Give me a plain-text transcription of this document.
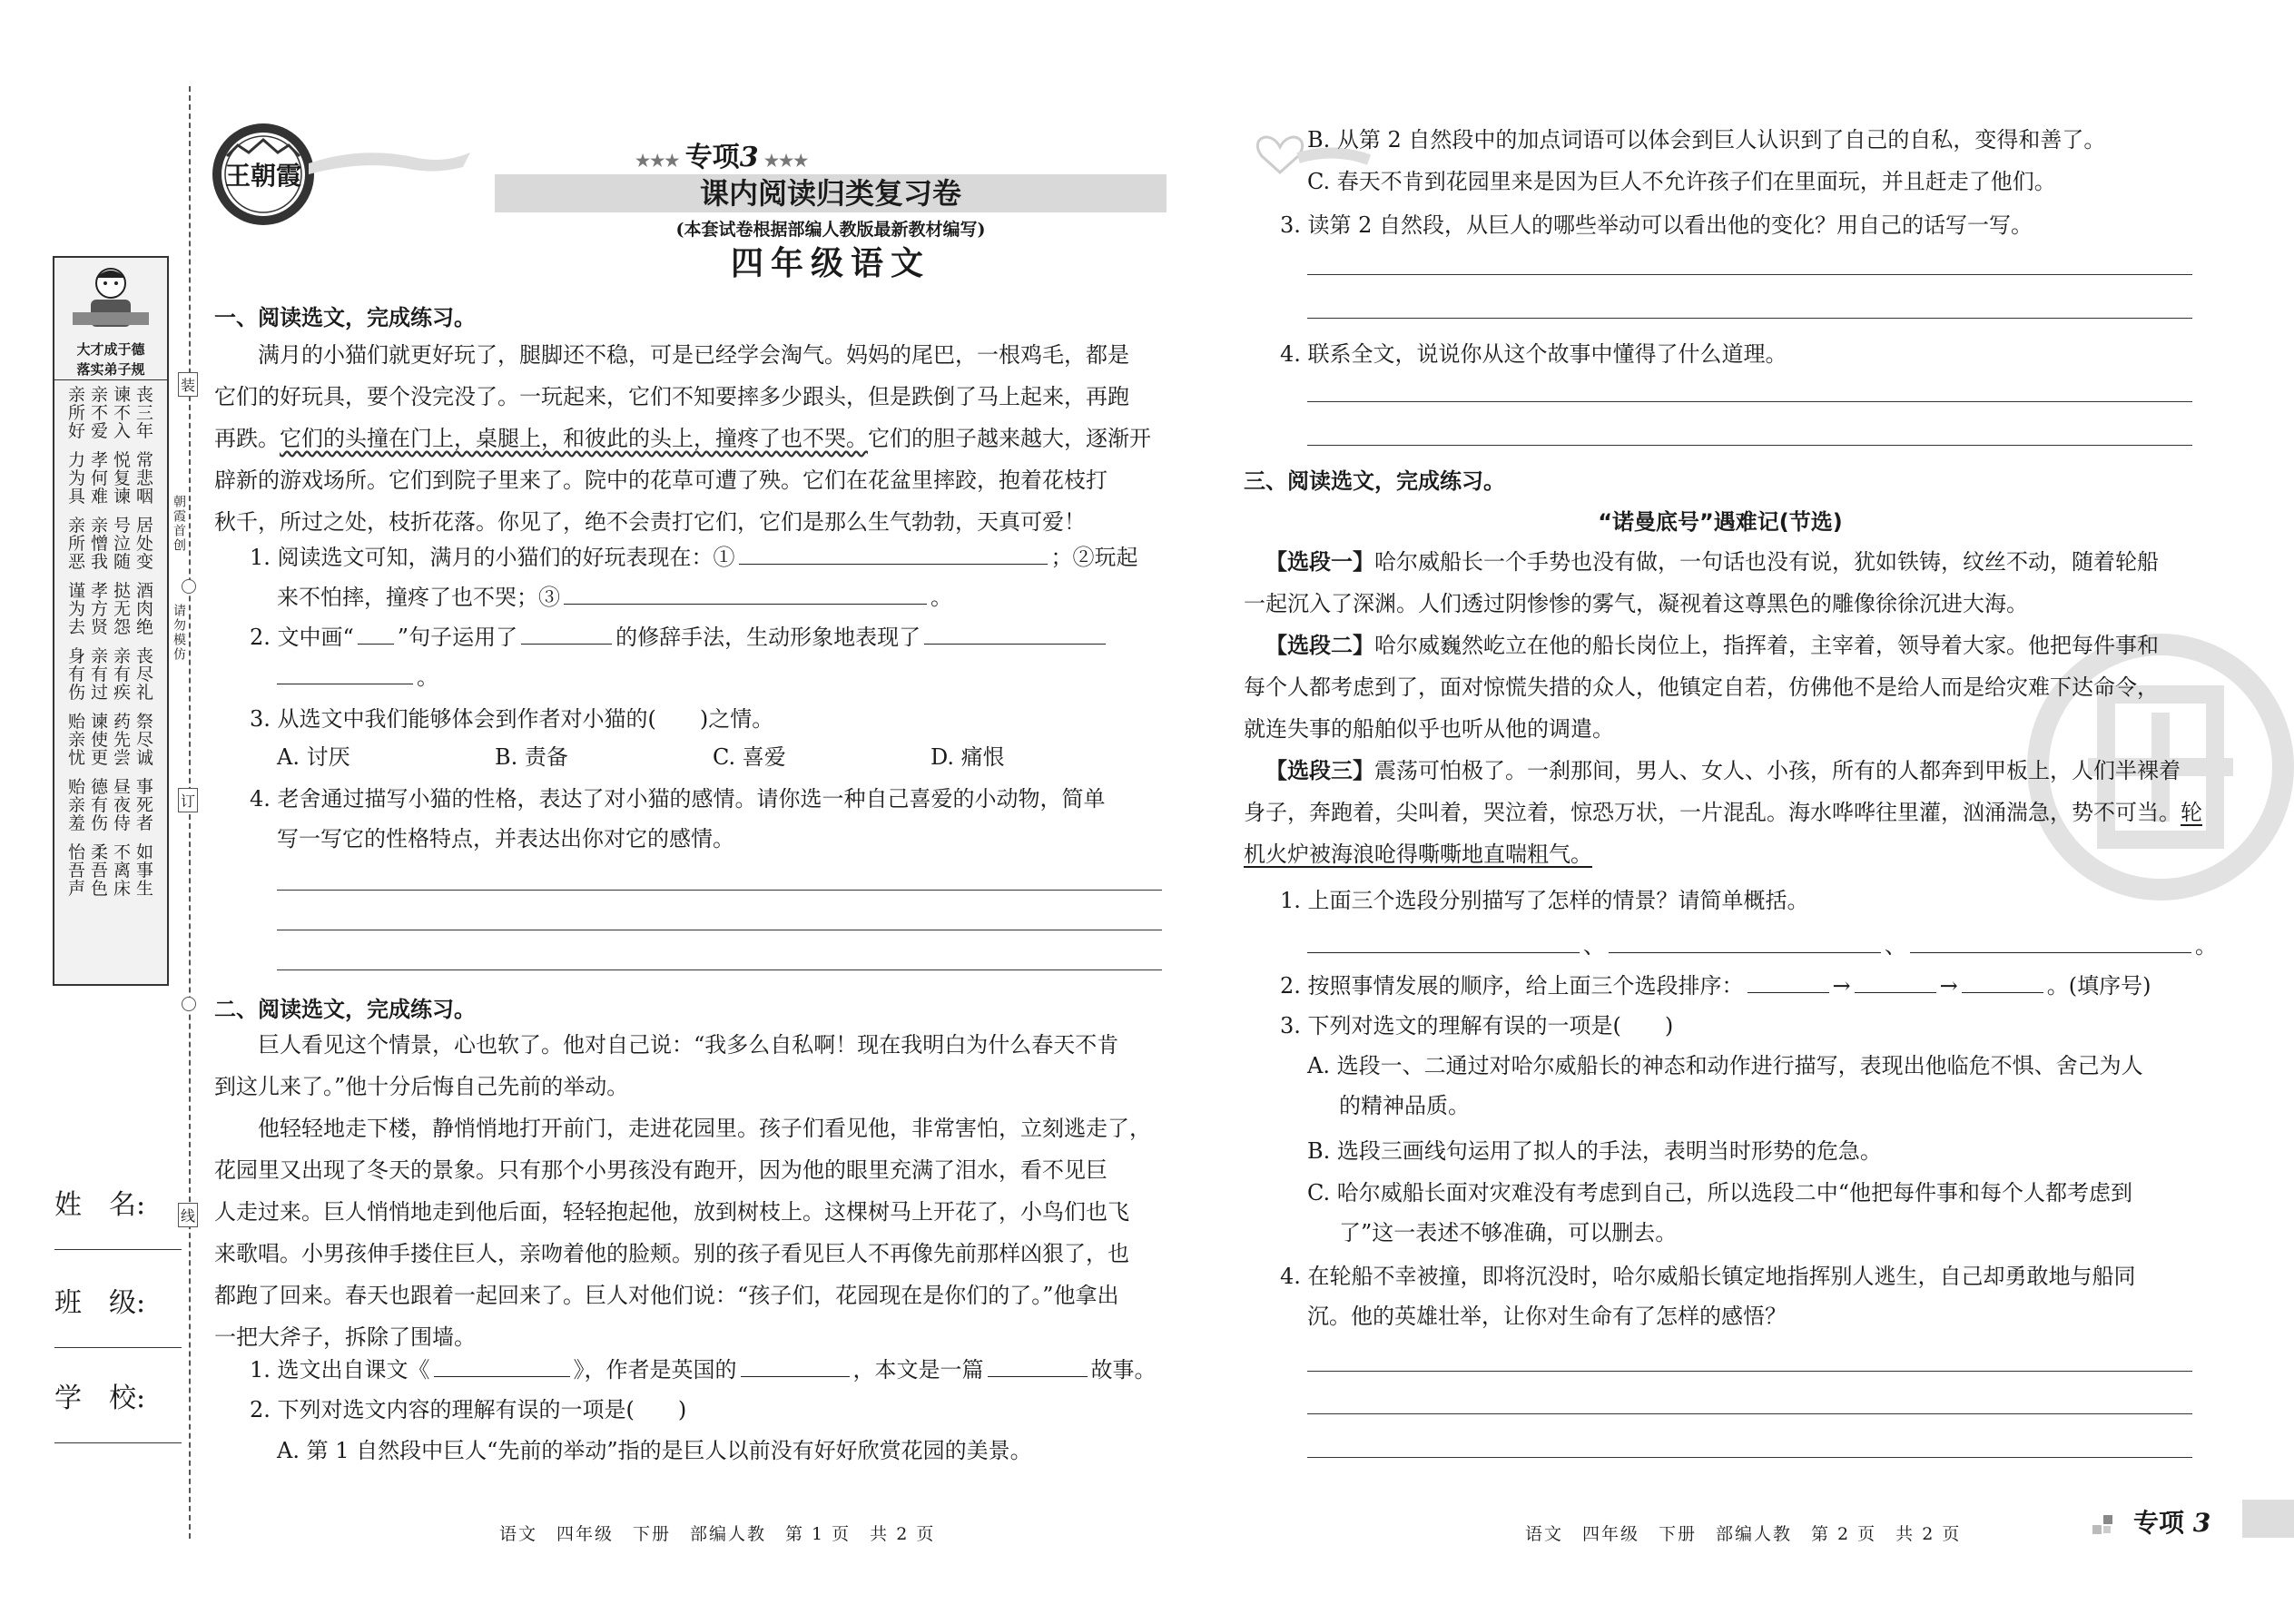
大才成于德
落实弟子规
丧
三
年
谏
不
入
亲
不
爱
亲
所
好
常
悲
咽
悦
复
谏
孝
何
难
力
为
具
居
处
变
号
泣
随
亲
憎
我
亲
所
恶
酒
肉
绝
挞
无
怨
孝
方
贤
谨
为
去
丧
尽
礼
亲
有
疾
亲
有
过
身
有
伤
祭
尽
诚
药
先
尝
谏
使
更
贻
亲
忧
事
死
者
昼
夜
侍
德
有
伤
贻
亲
羞
如
事
生
不
离
床
柔
吾
色
怡
吾
声
朝霞首创
请勿模仿
装
订
线
姓　名:
班　级:
学　校:
王朝霞	★★★ 专项3 ★★★
课内阅读归类复习卷
(本套试卷根据部编人教版最新教材编写)
四年级语文
一、阅读选文，完成练习。
满月的小猫们就更好玩了，腿脚还不稳，可是已经学会淘气。妈妈的尾巴，一根鸡毛，都是
它们的好玩具，要个没完没了。一玩起来，它们不知要摔多少跟头，但是跌倒了马上起来，再跑
再跌。它们的头撞在门上，桌腿上，和彼此的头上，撞疼了也不哭。它们的胆子越来越大，逐渐开
辟新的游戏场所。它们到院子里来了。院中的花草可遭了殃。它们在花盆里摔跤，抱着花枝打
秋千，所过之处，枝折花落。你见了，绝不会责打它们，它们是那么生气勃勃，天真可爱！
1. 阅读选文可知，满月的小猫们的好玩表现在：①	；②玩起
来不怕摔，撞疼了也不哭；③	。
2. 文中画“ ”句子运用了	的修辞手法，生动形象地表现了
。
3. 从选文中我们能够体会到作者对小猫的(　　)之情。
A. 讨厌	B. 责备	C. 喜爱	D. 痛恨
4. 老舍通过描写小猫的性格，表达了对小猫的感情。请你选一种自己喜爱的小动物，简单
写一写它的性格特点，并表达出你对它的感情。
二、阅读选文，完成练习。
巨人看见这个情景，心也软了。他对自己说：“我多么自私啊！现在我明白为什么春天不肯
到这儿来了。”他十分后悔自己先前的举动。
他轻轻地走下楼，静悄悄地打开前门，走进花园里。孩子们看见他，非常害怕，立刻逃走了，
花园里又出现了冬天的景象。只有那个小男孩没有跑开，因为他的眼里充满了泪水，看不见巨
人走过来。巨人悄悄地走到他后面，轻轻抱起他，放到树枝上。这棵树马上开花了，小鸟们也飞
来歌唱。小男孩伸手搂住巨人，亲吻着他的脸颊。别的孩子看见巨人不再像先前那样凶狠了，也
都跑了回来。春天也跟着一起回来了。巨人对他们说：“孩子们，花园现在是你们的了。”他拿出
一把大斧子，拆除了围墙。
1. 选文出自课文《	》，作者是英国的	，本文是一篇	故事。
2. 下列对选文内容的理解有误的一项是(　　)
A. 第 1 自然段中巨人“先前的举动”指的是巨人以前没有好好欣赏花园的美景。
B. 从第 2 自然段中的加点词语可以体会到巨人认识到了自己的自私，变得和善了。
C. 春天不肯到花园里来是因为巨人不允许孩子们在里面玩，并且赶走了他们。
3. 读第 2 自然段，从巨人的哪些举动可以看出他的变化？用自己的话写一写。
4. 联系全文，说说你从这个故事中懂得了什么道理。
三、阅读选文，完成练习。
“诺曼底号”遇难记(节选)
【选段一】哈尔威船长一个手势也没有做，一句话也没有说，犹如铁铸，纹丝不动，随着轮船
一起沉入了深渊。人们透过阴惨惨的雾气，凝视着这尊黑色的雕像徐徐沉进大海。
【选段二】哈尔威巍然屹立在他的船长岗位上，指挥着，主宰着，领导着大家。他把每件事和
每个人都考虑到了，面对惊慌失措的众人，他镇定自若，仿佛他不是给人而是给灾难下达命令，
就连失事的船舶似乎也听从他的调遣。
【选段三】震荡可怕极了。一刹那间，男人、女人、小孩，所有的人都奔到甲板上，人们半裸着
身子，奔跑着，尖叫着，哭泣着，惊恐万状，一片混乱。海水哗哗往里灌，汹涌湍急，势不可当。轮
机火炉被海浪呛得嘶嘶地直喘粗气。
1. 上面三个选段分别描写了怎样的情景？请简单概括。
、	、	。
2. 按照事情发展的顺序，给上面三个选段排序：	→	→	。(填序号)
3. 下列对选文的理解有误的一项是(　　)
A. 选段一、二通过对哈尔威船长的神态和动作进行描写，表现出他临危不惧、舍己为人
的精神品质。
B. 选段三画线句运用了拟人的手法，表明当时形势的危急。
C. 哈尔威船长面对灾难没有考虑到自己，所以选段二中“他把每件事和每个人都考虑到
了”这一表述不够准确，可以删去。
4. 在轮船不幸被撞，即将沉没时，哈尔威船长镇定地指挥别人逃生，自己却勇敢地与船同
沉。他的英雄壮举，让你对生命有了怎样的感悟？
语文　四年级　下册　部编人教　第 1 页　共 2 页	语文　四年级　下册　部编人教　第 2 页　共 2 页	专项 3
